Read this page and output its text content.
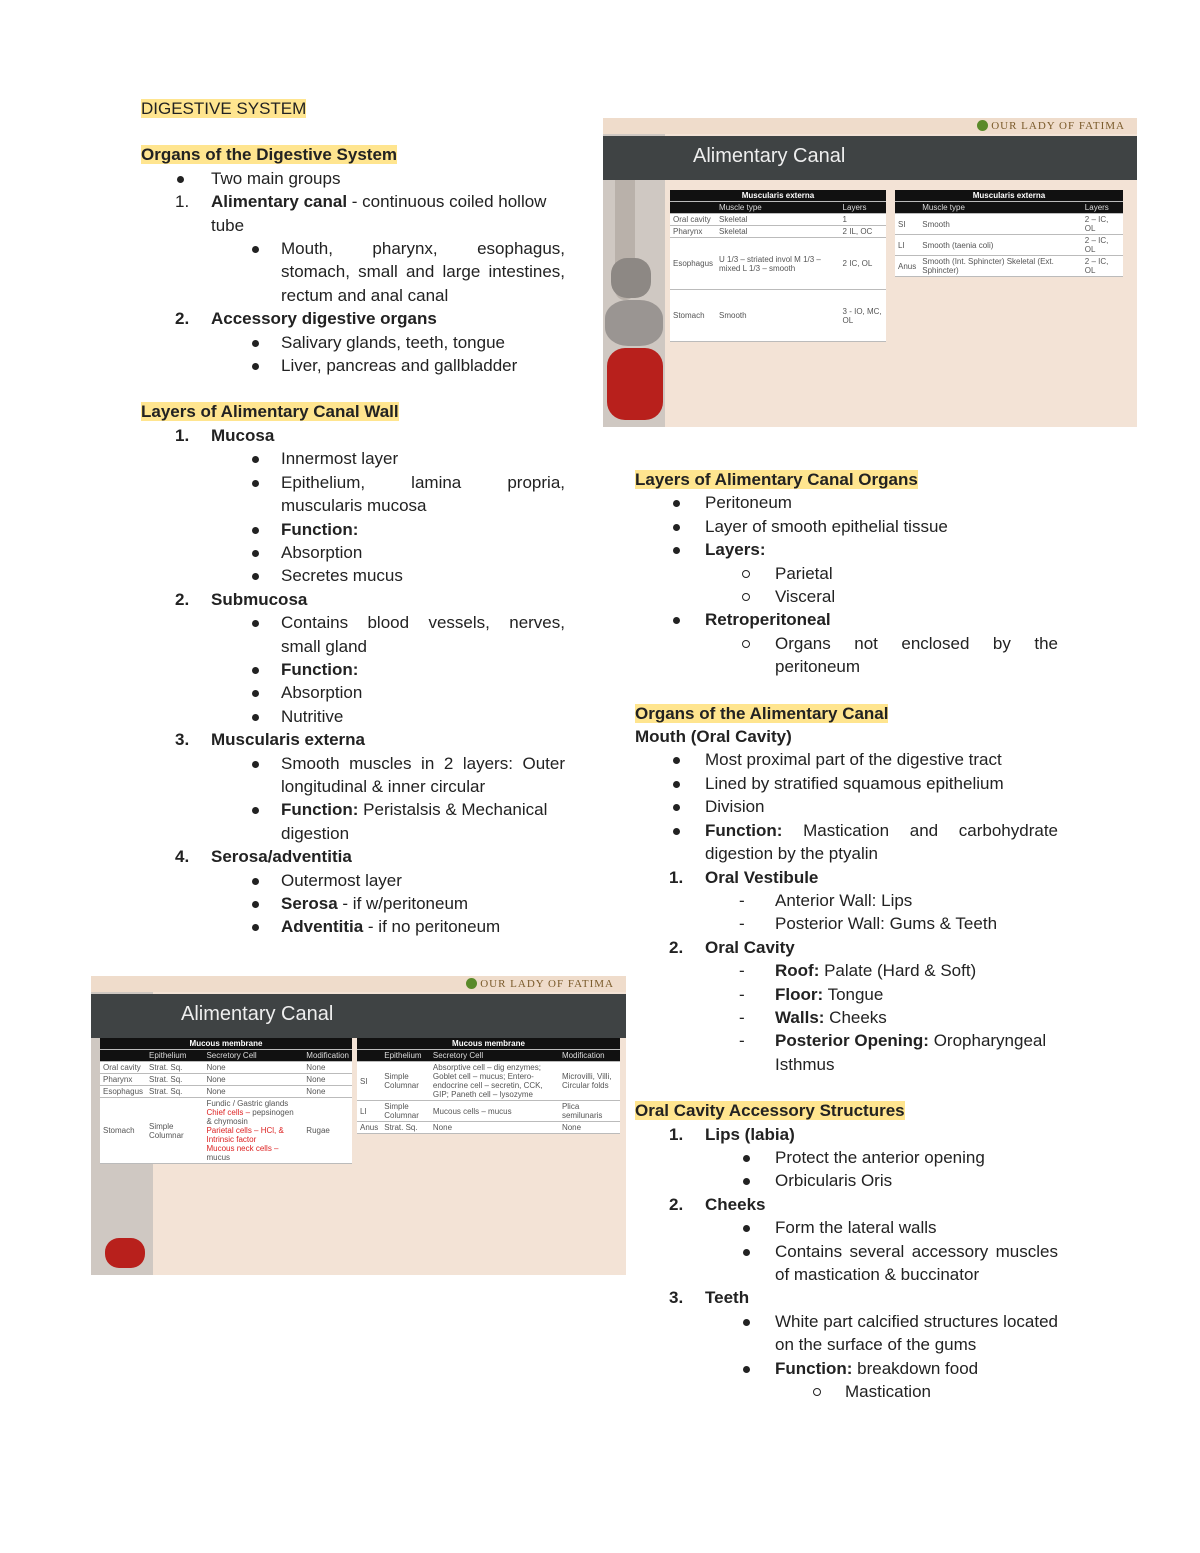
DIGESTIVE SYSTEM
Organs of the Digestive System
Two main groups
1. Alimentary canal - continuous coiled hollow tube
Mouth, pharynx, esophagus, stomach, small and large intestines, rectum and anal canal
2. Accessory digestive organs
Salivary glands, teeth, tongue
Liver, pancreas and gallbladder
Layers of Alimentary Canal Wall
1. Mucosa
Innermost layer
Epithelium, lamina propria, muscularis mucosa
Function:
Absorption
Secretes mucus
2. Submucosa
Contains blood vessels, nerves, small gland
Function:
Absorption
Nutritive
3. Muscularis externa
Smooth muscles in 2 layers: Outer longitudinal & inner circular
Function: Peristalsis & Mechanical digestion
4. Serosa/adventitia
Outermost layer
Serosa - if w/peritoneum
Adventitia - if no peritoneum
Layers of Alimentary Canal Organs
Peritoneum
Layer of smooth epithelial tissue
Layers:
Parietal
Visceral
Retroperitoneal
Organs not enclosed by the peritoneum
Organs of the Alimentary Canal
Mouth (Oral Cavity)
Most proximal part of the digestive tract
Lined by stratified squamous epithelium
Division
Function: Mastication and carbohydrate digestion by the ptyalin
1. Oral Vestibule
- Anterior Wall: Lips
- Posterior Wall: Gums & Teeth
2. Oral Cavity
- Roof: Palate (Hard & Soft)
- Floor: Tongue
- Walls: Cheeks
- Posterior Opening: Oropharyngeal Isthmus
Oral Cavity Accessory Structures
1. Lips (labia)
Protect the anterior opening
Orbicularis Oris
2. Cheeks
Form the lateral walls
Contains several accessory muscles of mastication & buccinator
3. Teeth
White part calcified structures located on the surface of the gums
Function: breakdown food
Mastication
OUR LADY OF FATIMA
Alimentary Canal
Muscularis externa		
	Muscle type	Layers
Oral cavity	Skeletal	1
Pharynx	Skeletal	2 IL, OC
Esophagus	U 1/3 – striated invol M 1/3 – mixed L 1/3 – smooth	2 IC, OL
Stomach	Smooth	3 - IO, MC, OL
Muscularis externa		
	Muscle type	Layers
SI	Smooth	2 – IC, OL
LI	Smooth (taenia coli)	2 – IC, OL
Anus	Smooth (Int. Sphincter) Skeletal (Ext. Sphincter)	2 – IC, OL
OUR LADY OF FATIMA
Alimentary Canal
Mucous membrane			
	Epithelium	Secretory Cell	Modification
Oral cavity	Strat. Sq.	None	None
Pharynx	Strat. Sq.	None	None
Esophagus	Strat. Sq.	None	None
Stomach	Simple Columnar	Fundic / Gastric glands
Chief cells – pepsinogen & chymosin
Parietal cells – HCl, & Intrinsic factor
Mucous neck cells – mucus	Rugae
Mucous membrane			
	Epithelium	Secretory Cell	Modification
SI	Simple Columnar	Absorptive cell – dig enzymes; Goblet cell – mucus; Entero-endocrine cell – secretin, CCK, GIP; Paneth cell – lysozyme	Microvilli, Villi, Circular folds
LI	Simple Columnar	Mucous cells – mucus	Plica semilunaris
Anus	Strat. Sq.	None	None
